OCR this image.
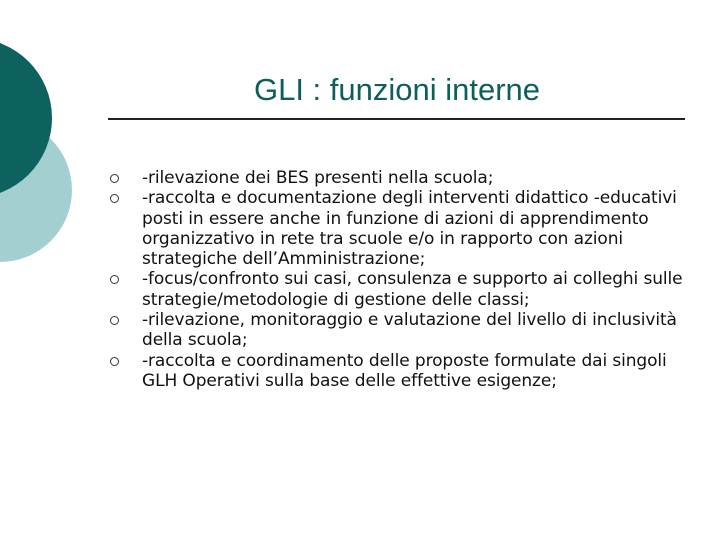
GLI : funzioni interne
-rilevazione dei BES presenti nella scuola;
-raccolta e documentazione degli interventi didattico -educativi posti in essere anche in funzione di azioni di apprendimento organizzativo in rete tra scuole e/o in rapporto con azioni strategiche dell’Amministrazione;
-focus/confronto sui casi, consulenza e supporto ai colleghi sulle strategie/metodologie di gestione delle classi;
-rilevazione, monitoraggio e valutazione del livello di inclusività della scuola;
-raccolta e coordinamento delle proposte formulate dai singoli GLH Operativi sulla base delle effettive esigenze;
